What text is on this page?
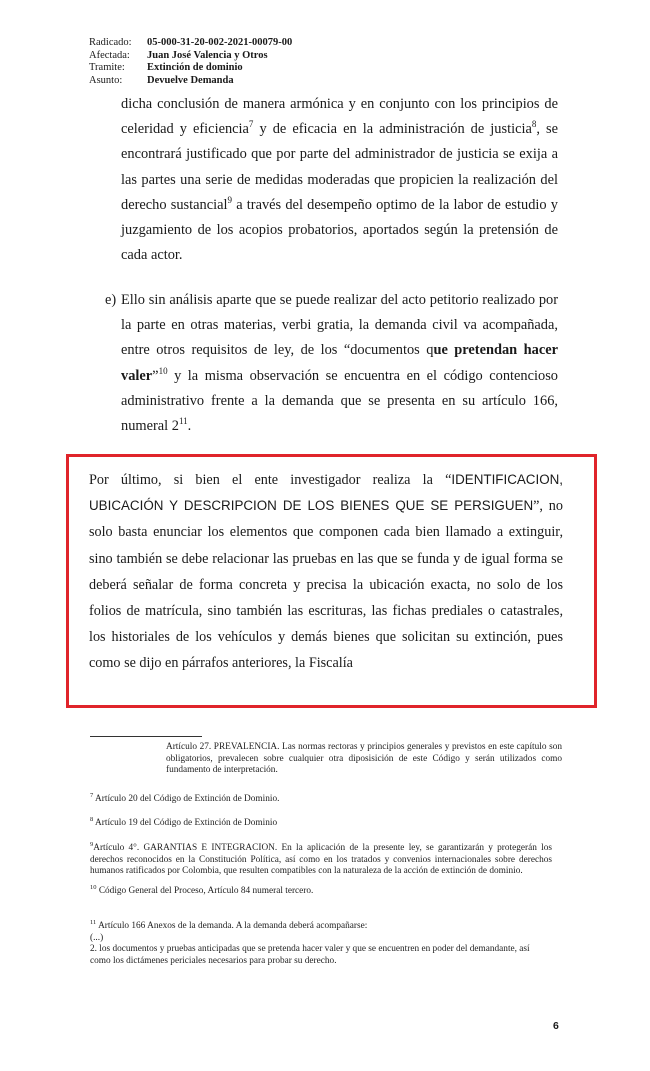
Radicado:	05-000-31-20-002-2021-00079-00
Afectada:	Juan José Valencia y Otros
Tramite:	Extinción de dominio
Asunto:	Devuelve Demanda
dicha conclusión de manera armónica y en conjunto con los principios de celeridad y eficiencia$^7$ y de eficacia en la administración de justicia$^8$, se encontrará justificado que por parte del administrador de justicia se exija a las partes una serie de medidas moderadas que propicien la realización del derecho sustancial$^9$ a través del desempeño optimo de la labor de estudio y juzgamiento de los acopios probatorios, aportados según la pretensión de cada actor.
e) Ello sin análisis aparte que se puede realizar del acto petitorio realizado por la parte en otras materias, verbi gratia, la demanda civil va acompañada, entre otros requisitos de ley, de los “documentos que pretendan hacer valer”$^{10}$ y la misma observación se encuentra en el código contencioso administrativo frente a la demanda que se presenta en su artículo 166, numeral $2^{11}$.
Por último, si bien el ente investigador realiza la “IDENTIFICACION, UBICACIÓN Y DESCRIPCION DE LOS BIENES QUE SE PERSIGUEN”, no solo basta enunciar los elementos que componen cada bien llamado a extinguir, sino también se debe relacionar las pruebas en las que se funda y de igual forma se deberá señalar de forma concreta y precisa la ubicación exacta, no solo de los folios de matrícula, sino también las escrituras, las fichas prediales o catastrales, los historiales de los vehículos y demás bienes que solicitan su extinción, pues como se dijo en párrafos anteriores, la Fiscalía
Artículo 27. PREVALENCIA. Las normas rectoras y principios generales y previstos en este capítulo son obligatorios, prevalecen sobre cualquier otra diposisición de este Código y serán utilizados como fundamento de interpretación.
$^7$ Artículo 20 del Código de Extinción de Dominio.
$^8$ Artículo 19 del Código de Extinción de Dominio
$^9$Artículo 4°. GARANTIAS E INTEGRACION. En la aplicación de la presente ley, se garantizarán y protegerán los derechos reconocidos en la Constitución Política, así como en los tratados y convenios internacionales sobre derechos humanos ratificados por Colombia, que resulten compatibles con la naturaleza de la acción de extinción de dominio.
$^{10}$ Código General del Proceso, Artículo 84 numeral tercero.
$^{11}$ Artículo 166 Anexos de la demanda. A la demanda deberá acompañarse:
(...)
2. los documentos y pruebas anticipadas que se pretenda hacer valer y que se encuentren en poder del demandante, así como los dictámenes periciales necesarios para probar su derecho.
6
